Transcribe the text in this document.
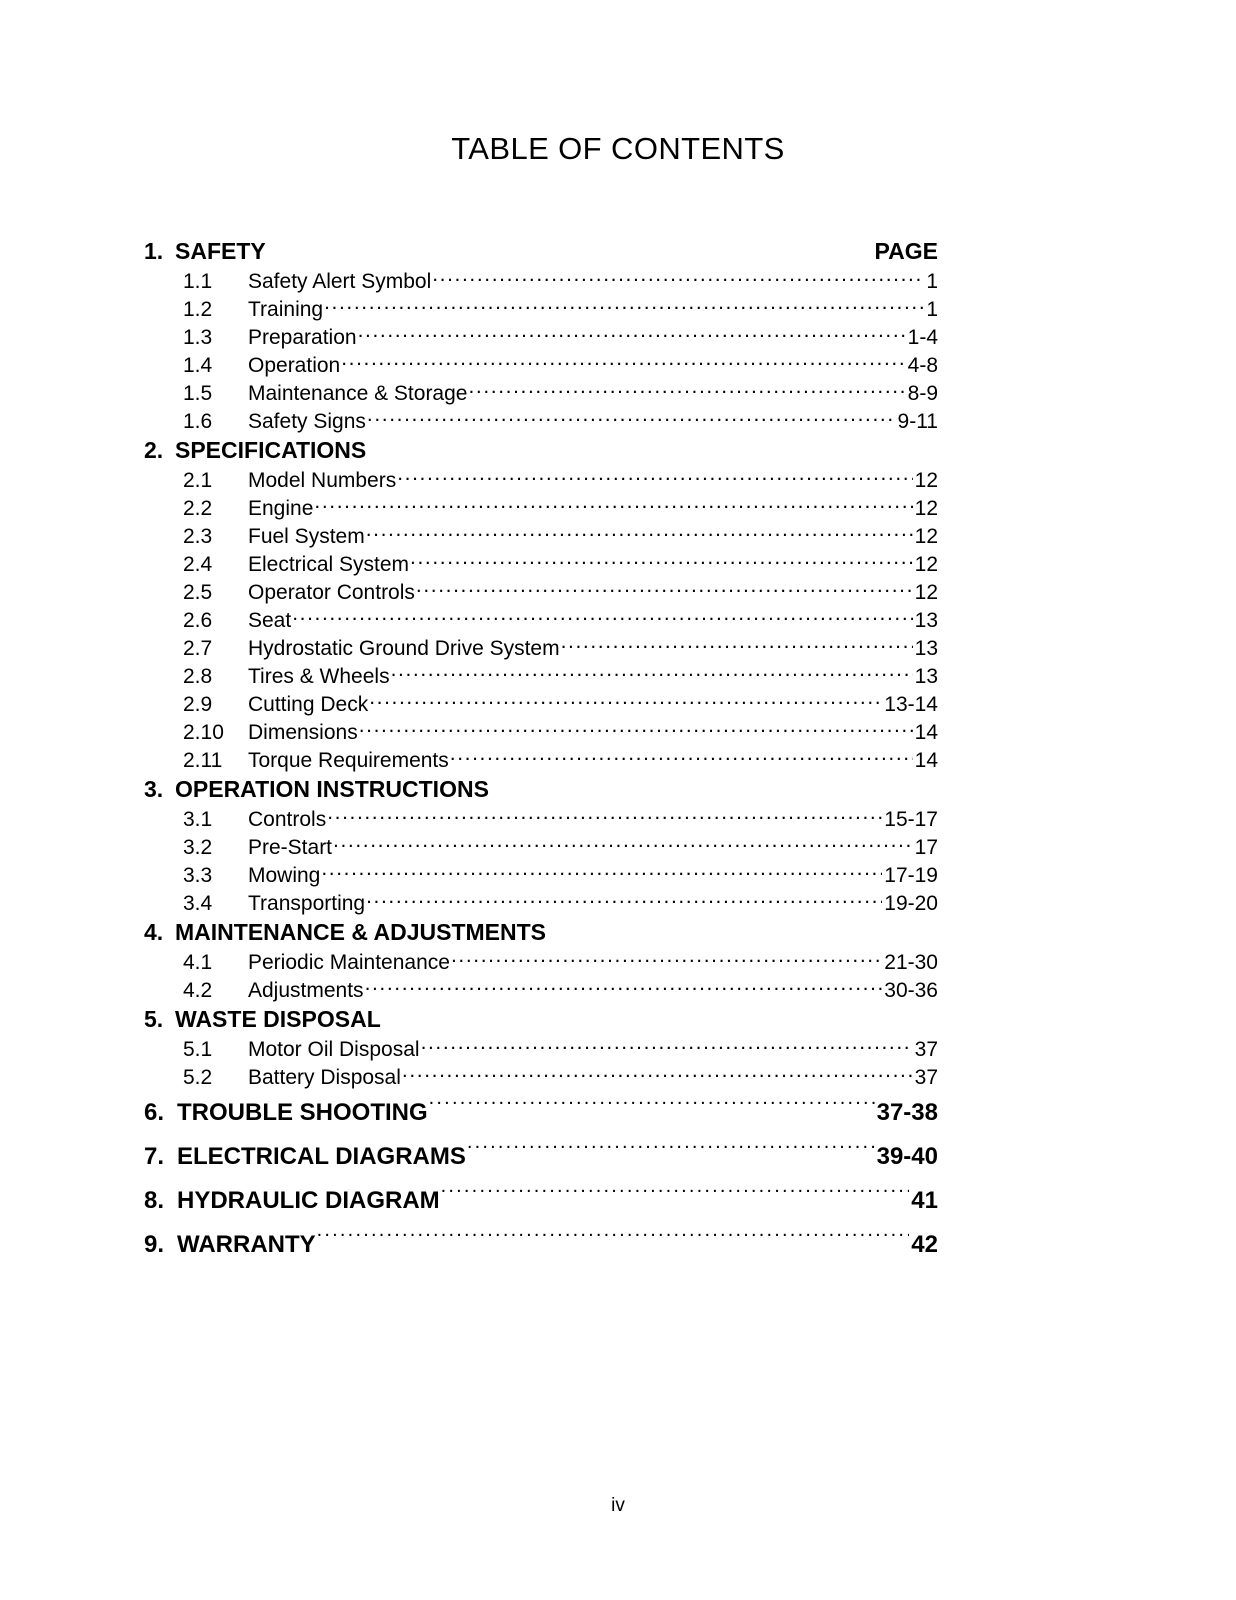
TABLE OF CONTENTS
1. SAFETY	PAGE
1.1	Safety Alert Symbol .....	1
1.2	Training .....	1
1.3	Preparation .....	1-4
1.4	Operation .....	4-8
1.5	Maintenance & Storage .....	8-9
1.6	Safety Signs .....	9-11
2. SPECIFICATIONS
2.1	Model Numbers .....	12
2.2	Engine .....	12
2.3	Fuel System .....	12
2.4	Electrical System .....	12
2.5	Operator Controls .....	12
2.6	Seat .....	13
2.7	Hydrostatic Ground Drive System .....	13
2.8	Tires & Wheels .....	13
2.9	Cutting Deck .....	13-14
2.10	Dimensions .....	14
2.11	Torque Requirements .....	14
3. OPERATION INSTRUCTIONS
3.1	Controls .....	15-17
3.2	Pre-Start .....	17
3.3	Mowing .....	17-19
3.4	Transporting .....	19-20
4. MAINTENANCE & ADJUSTMENTS
4.1	Periodic Maintenance .....	21-30
4.2	Adjustments .....	30-36
5. WASTE DISPOSAL
5.1	Motor Oil Disposal .....	37
5.2	Battery Disposal .....	37
6. TROUBLE SHOOTING .....	37-38
7. ELECTRICAL DIAGRAMS .....	39-40
8. HYDRAULIC DIAGRAM .....	41
9. WARRANTY .....	42
iv
